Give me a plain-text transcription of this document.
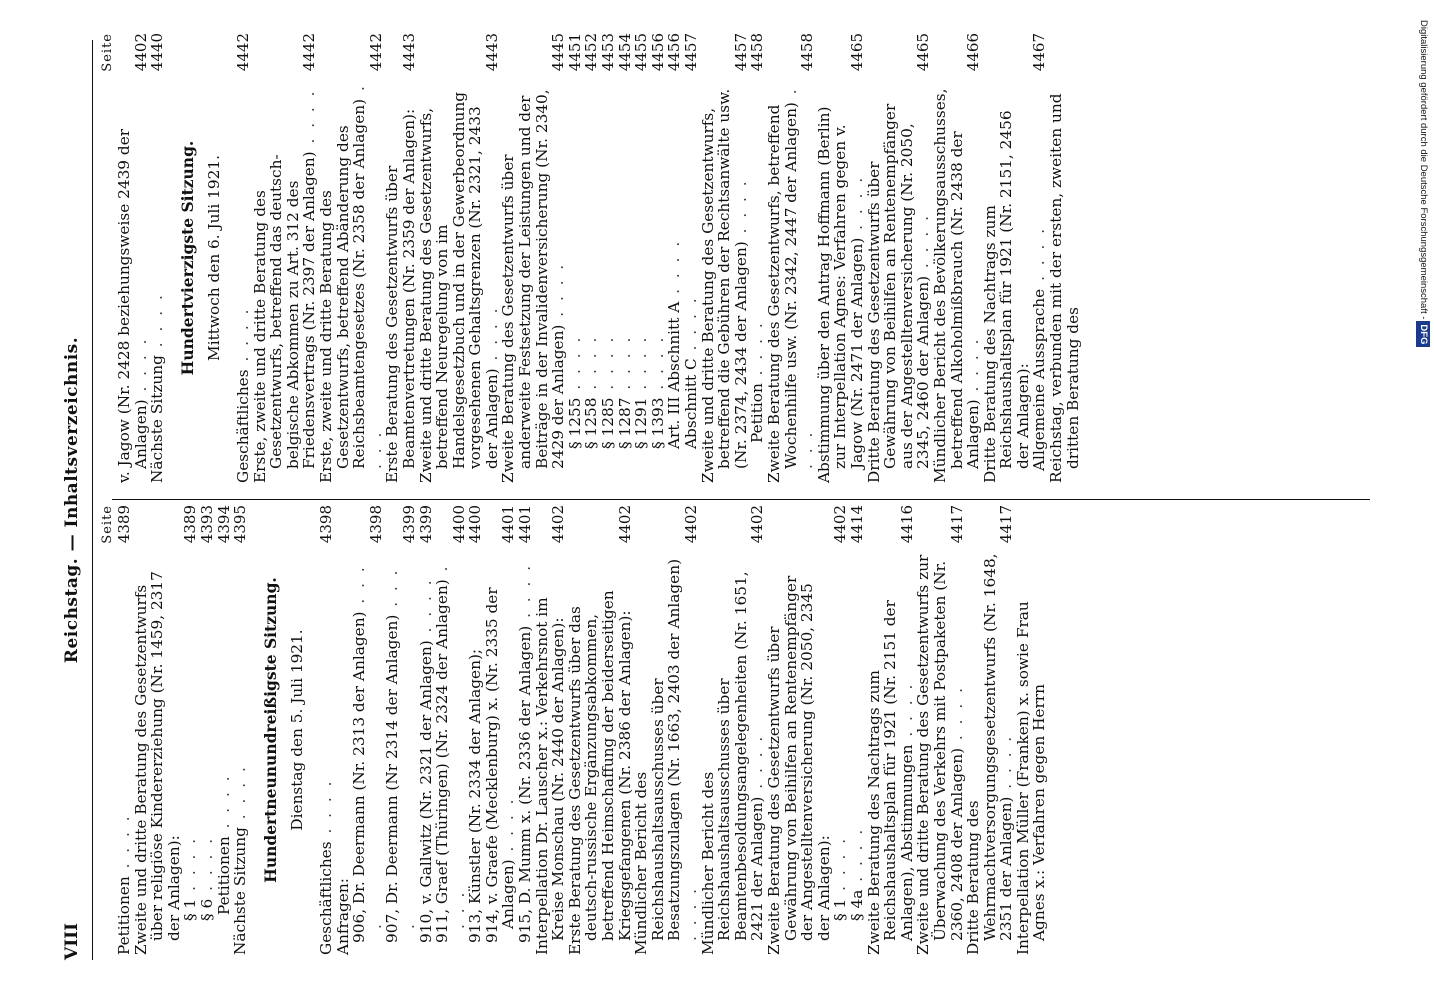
Reichstag. — Inhaltsverzeichnis.
VIII
Seite
Petitionen . . . .
4389
Zweite und dritte Beratung des Gesetzentwurfs über religiöse Kindererziehung (Nr. 1459, 2317 der Anlagen):
§ 1 . . . .
4389
§ 6 . . . .
4393
Petitionen . . . .
4394
Nächste Sitzung . . . .
4395
Hundertneunundreißigste Sitzung. Dienstag den 5. Juli 1921.
Geschäftliches . . . .
4398
Anfragen:
906, Dr. Deermann (Nr. 2313 der Anlagen) . . . .
4398
907, Dr. Deermann (Nr 2314 der Anlagen) . . . .
4399
910, v. Gallwitz (Nr. 2321 der Anlagen) . . . .
4399
911, Graef (Thüringen) (Nr. 2324 der Anlagen) . . . .
4400
913, Künstler (Nr. 2334 der Anlagen);
4400
914, v. Graefe (Mecklenburg) x. (Nr. 2335 der Anlagen) . . . .
4401
915, D. Mumm x. (Nr. 2336 der Anlagen) . . . .
4401
Interpellation Dr. Lauscher x.: Verkehrsnot im Kreise Monschau (Nr. 2440 der Anlagen):
4402
Erste Beratung des Gesetzentwurfs über das deutsch-russische Ergänzungsabkommen, betreffend Heimschaffung der beiderseitigen Kriegsgefangenen (Nr. 2386 der Anlagen):
4402
Mündlicher Bericht des Reichshaushaltsausschusses über Besatzungszulagen (Nr. 1663, 2403 der Anlagen) . . . .
4402
Mündlicher Bericht des Reichshaushaltsausschusses über Beamtenbesoldungsangelegenheiten (Nr. 1651, 2421 der Anlagen) . . . .
4402
Zweite Beratung des Gesetzentwurfs über Gewährung von Beihilfen an Rentenempfänger der Angestelltenversicherung (Nr. 2050, 2345 der Anlagen):
§ 1 . . . .
4402
§ 4a . . . .
4414
Zweite Beratung des Nachtrags zum Reichshaushaltsplan für 1921 (Nr. 2151 der Anlagen), Abstimmungen . . . .
4416
Zweite und dritte Beratung des Gesetzentwurfs zur Überwachung des Verkehrs mit Postpaketen (Nr. 2360, 2408 der Anlagen) . . . .
4417
Dritte Beratung des Wehrmachtversorgungsgesetzentwurfs (Nr. 1648, 2351 der Anlagen) . . . .
4417
Interpellation Müller (Franken) x. sowie Frau Agnes x.: Verfahren gegen Herrn
Seite
v. Jagow (Nr. 2428 beziehungsweise 2439 der Anlagen) . . . .
4402
Nächste Sitzung . . . .
4440
Hundertvierzigste Sitzung. Mittwoch den 6. Juli 1921.
Geschäftliches . . . .
4442
Erste, zweite und dritte Beratung des Gesetzentwurfs, betreffend das deutsch-belgische Abkommen zu Art. 312 des Friedensvertrags (Nr. 2397 der Anlagen) . . . .
4442
Erste, zweite und dritte Beratung des Gesetzentwurfs, betreffend Abänderung des Reichsbeamtengesetzes (Nr. 2358 der Anlagen) . . . .
4442
Erste Beratung des Gesetzentwurfs über Beamtenvertretungen (Nr. 2359 der Anlagen):
4443
Zweite und dritte Beratung des Gesetzentwurfs, betreffend Neuregelung von im Handelsgesetzbuch und in der Gewerbeordnung vorgesehenen Gehaltsgrenzen (Nr. 2321, 2433 der Anlagen) . . . .
4443
Zweite Beratung des Gesetzentwurfs über anderweite Festsetzung der Leistungen und der Beiträge in der Invalidenversicherung (Nr. 2340, 2429 der Anlagen) . . . .
4445
§ 1255 . . . .
4451
§ 1258 . . . .
4452
§ 1285 . . . .
4453
§ 1287 . . . .
4454
§ 1291 . . . .
4455
§ 1393 . . . .
4456
Art. III Abschnitt A . . . .
4456
Abschnitt C . . . .
4457
Zweite und dritte Beratung des Gesetzentwurfs, betreffend die Gebühren der Rechtsanwälte usw. (Nr. 2374, 2434 der Anlagen) . . . .
4457
Petition . . . .
4458
Zweite Beratung des Gesetzentwurfs, betreffend Wochenhilfe usw. (Nr. 2342, 2447 der Anlagen) . . . .
4458
Abstimmung über den Antrag Hoffmann (Berlin) zur Interpellation Agnes: Verfahren gegen v. Jagow (Nr. 2471 der Anlagen) . . . .
4465
Dritte Beratung des Gesetzentwurfs über Gewährung von Beihilfen an Rentenempfänger aus der Angestelltenversicherung (Nr. 2050, 2345, 2460 der Anlagen) . . . .
4465
Mündlicher Bericht des Bevölkerungsausschusses, betreffend Alkoholmißbrauch (Nr. 2438 der Anlagen) . . . .
4466
Dritte Beratung des Nachtrags zum Reichshaushaltsplan für 1921 (Nr. 2151, 2456 der Anlagen):
Allgemeine Aussprache . . . .
4467
Reichstag, verbunden mit der ersten, zweiten und dritten Beratung des
Digitalisierung gefördert durch die Deutsche Forschungsgemeinschaft -DFG
